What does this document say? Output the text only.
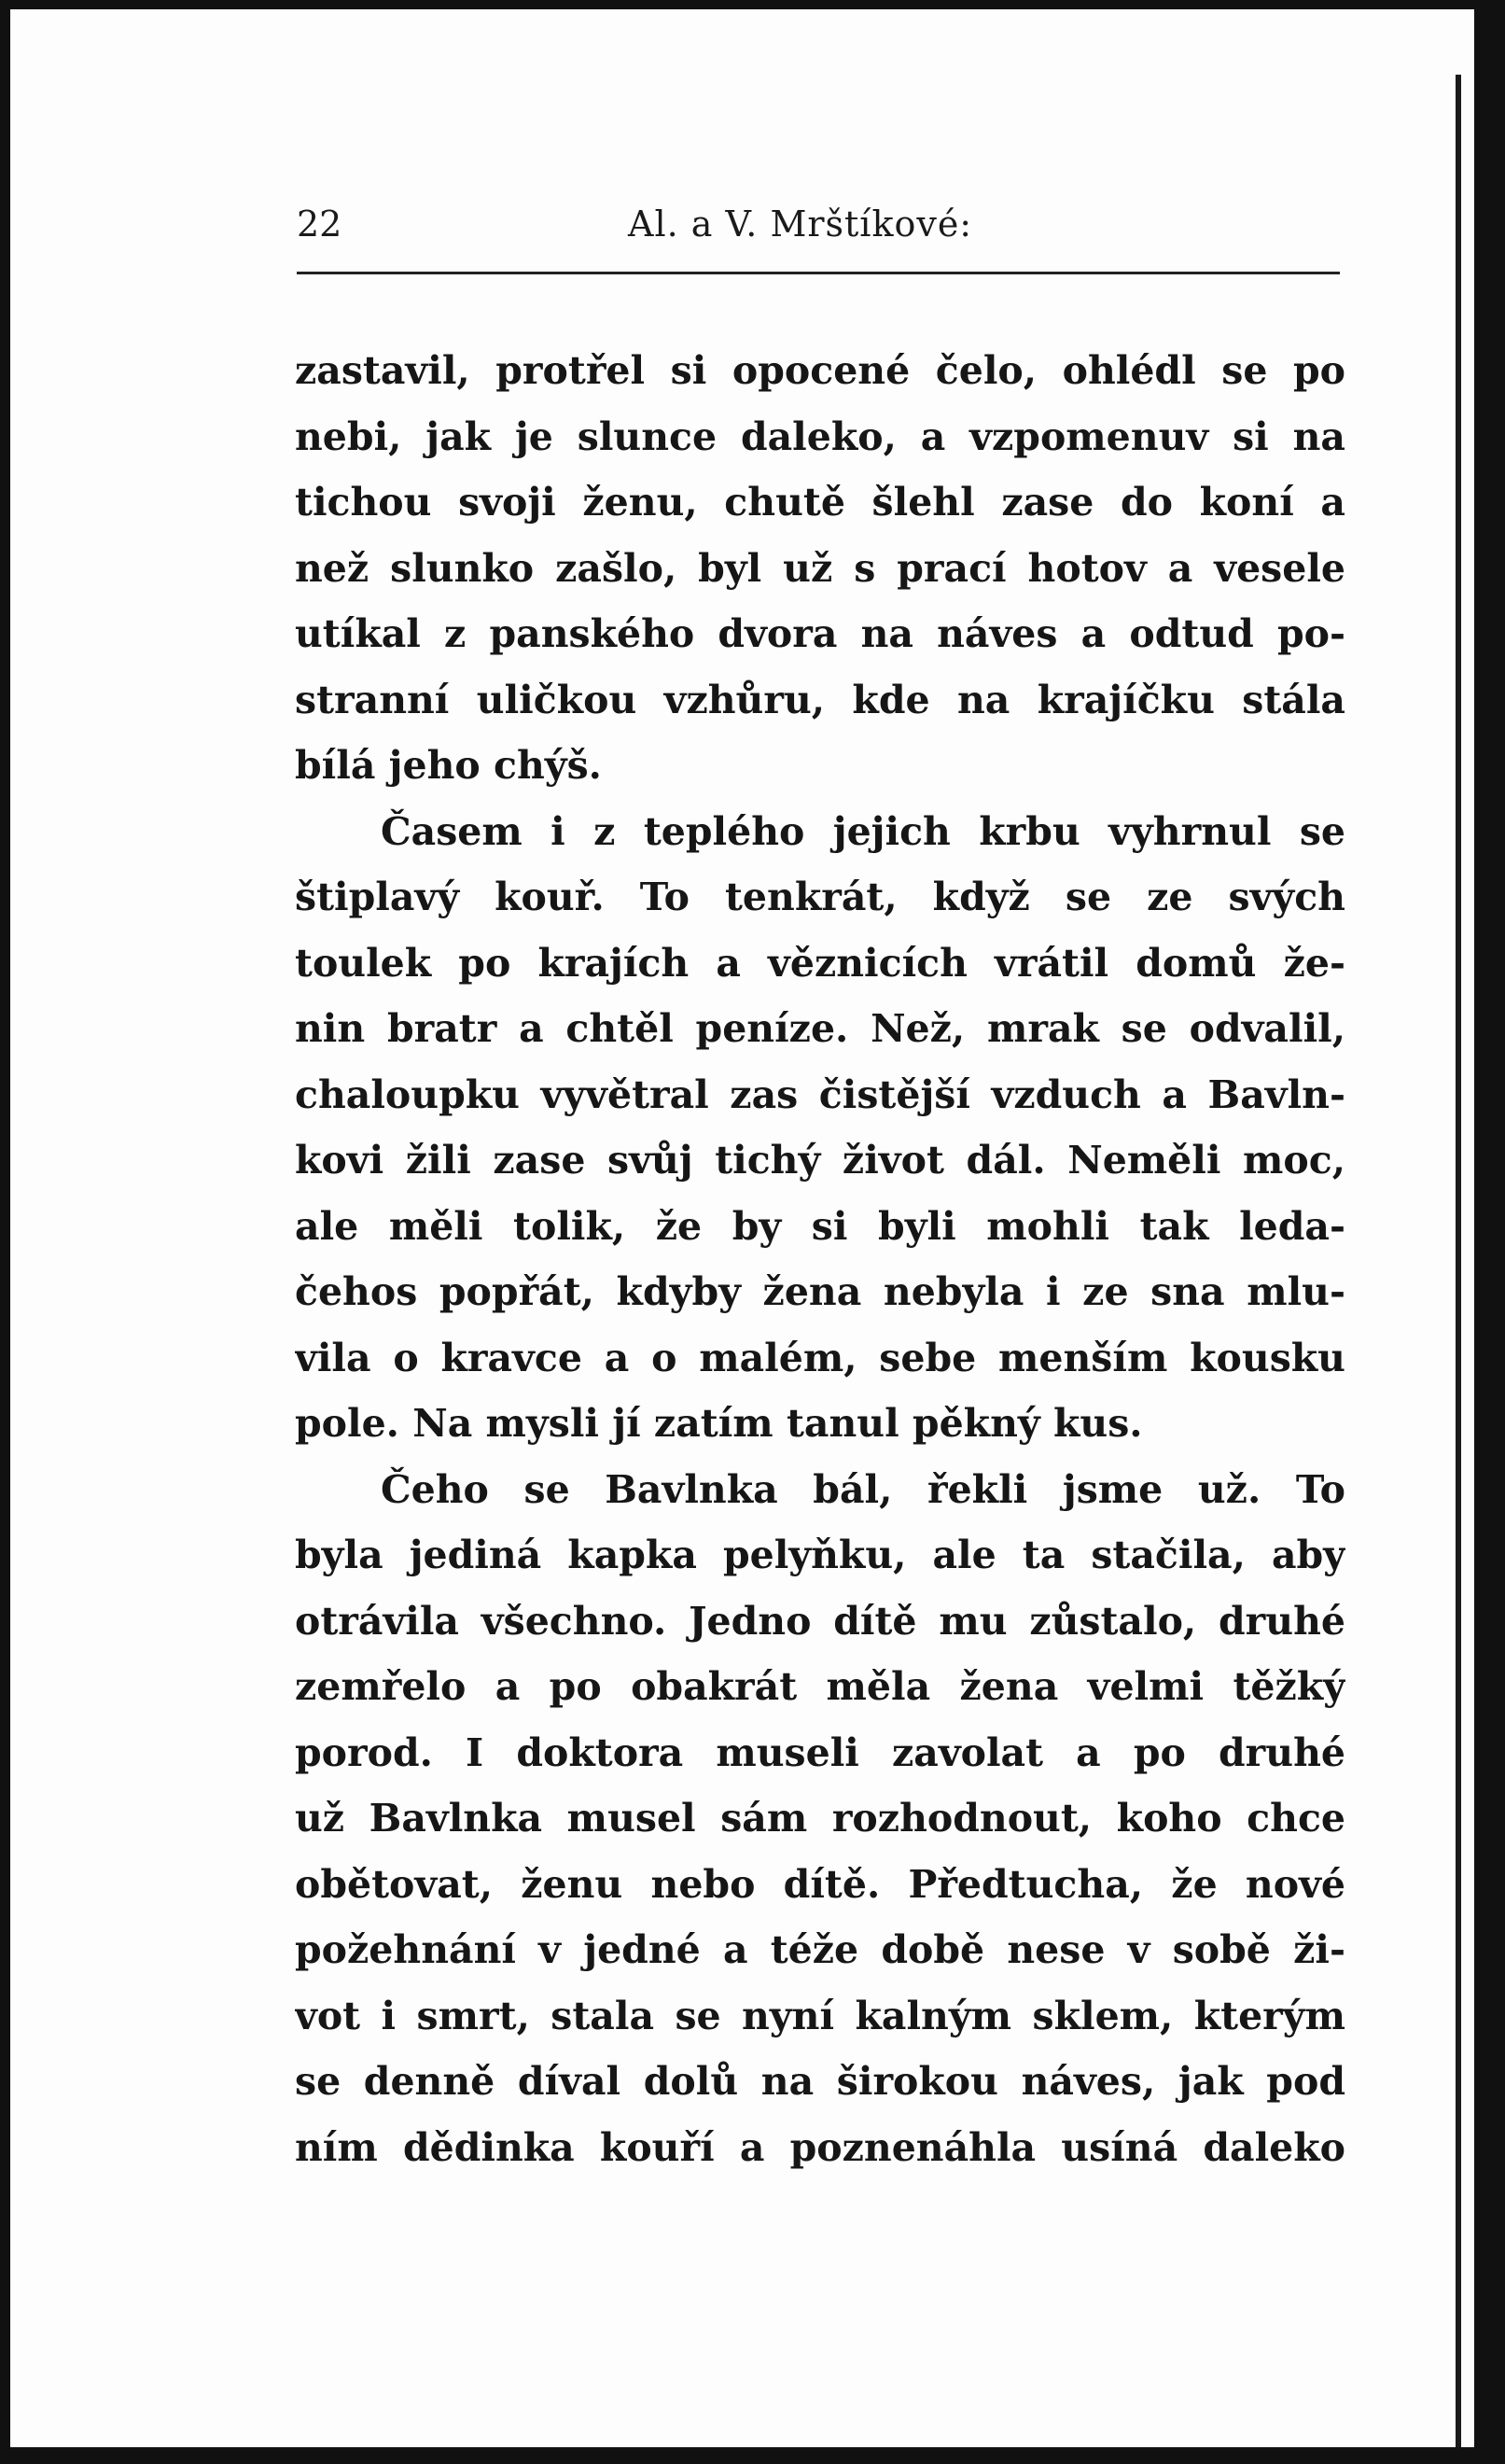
22	Al. a V. Mrštíkové:
zastavil, protřel si opocené čelo, ohlédl se po
nebi, jak je slunce daleko, a vzpomenuv si na
tichou svoji ženu, chutě šlehl zase do koní a
než slunko zašlo, byl už s prací hotov a vesele
utíkal z panského dvora na náves a odtud po-
stranní uličkou vzhůru, kde na krajíčku stála
bílá jeho chýš.
Časem i z teplého jejich krbu vyhrnul se
štiplavý kouř. To tenkrát, když se ze svých
toulek po krajích a věznicích vrátil domů že-
nin bratr a chtěl peníze. Než, mrak se odvalil,
chaloupku vyvětral zas čistější vzduch a Bavln-
kovi žili zase svůj tichý život dál. Neměli moc,
ale měli tolik, že by si byli mohli tak leda-
čehos popřát, kdyby žena nebyla i ze sna mlu-
vila o kravce a o malém, sebe menším kousku
pole. Na mysli jí zatím tanul pěkný kus.
Čeho se Bavlnka bál, řekli jsme už. To
byla jediná kapka pelyňku, ale ta stačila, aby
otrávila všechno. Jedno dítě mu zůstalo, druhé
zemřelo a po obakrát měla žena velmi těžký
porod. I doktora museli zavolat a po druhé
už Bavlnka musel sám rozhodnout, koho chce
obětovat, ženu nebo dítě. Předtucha, že nové
požehnání v jedné a téže době nese v sobě ži-
vot i smrt, stala se nyní kalným sklem, kterým
se denně díval dolů na širokou náves, jak pod
ním dědinka kouří a poznenáhla usíná daleko
